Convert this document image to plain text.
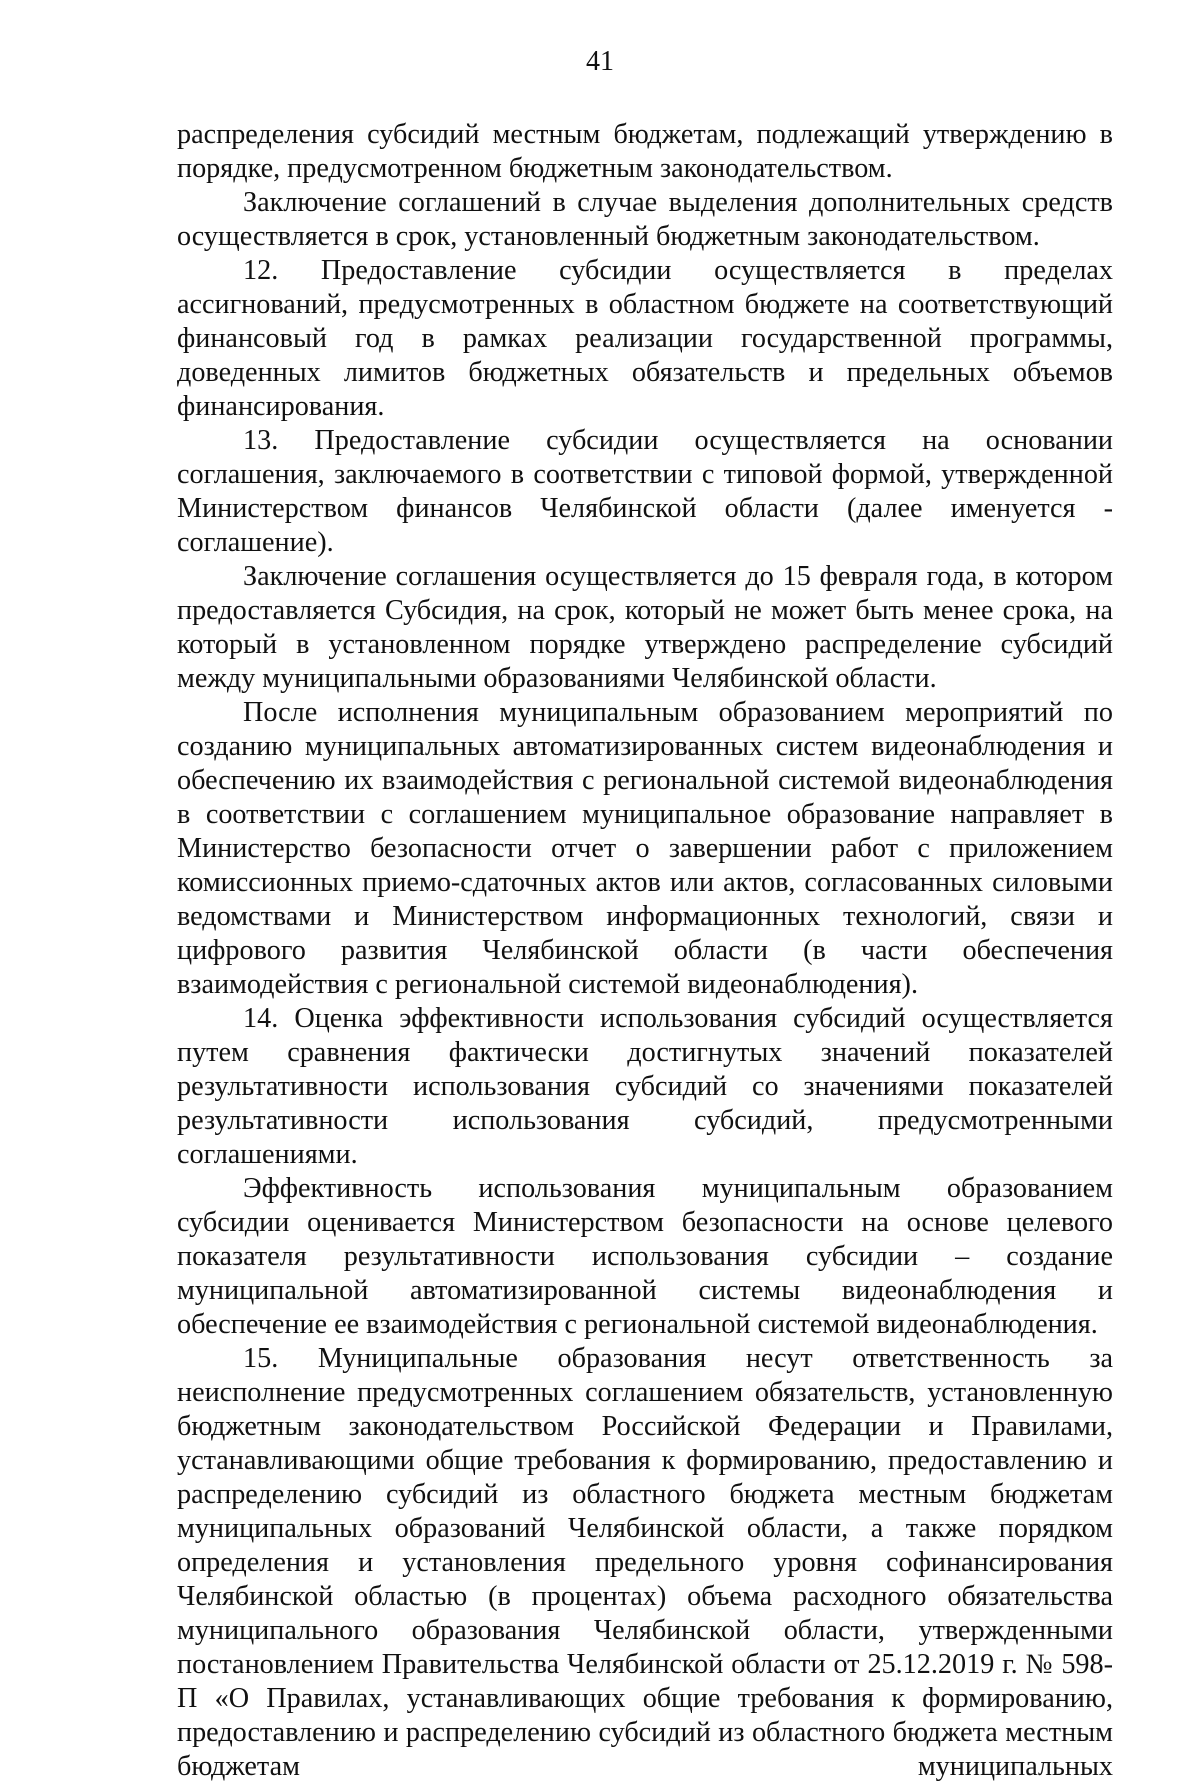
41

распределения субсидий местным бюджетам, подлежащий утверждению в порядке, предусмотренном бюджетным законодательством.

Заключение соглашений в случае выделения дополнительных средств осуществляется в срок, установленный бюджетным законодательством.

12. Предоставление субсидии осуществляется в пределах ассигнований, предусмотренных в областном бюджете на соответствующий финансовый год в рамках реализации государственной программы, доведенных лимитов бюджетных обязательств и предельных объемов финансирования.

13. Предоставление субсидии осуществляется на основании соглашения, заключаемого в соответствии с типовой формой, утвержденной Министерством финансов Челябинской области (далее именуется - соглашение).

Заключение соглашения осуществляется до 15 февраля года, в котором предоставляется Субсидия, на срок, который не может быть менее срока, на который в установленном порядке утверждено распределение субсидий между муниципальными образованиями Челябинской области.

После исполнения муниципальным образованием мероприятий по созданию муниципальных автоматизированных систем видеонаблюдения и обеспечению их взаимодействия с региональной системой видеонаблюдения в соответствии с соглашением муниципальное образование направляет в Министерство безопасности отчет о завершении работ с приложением комиссионных приемо-сдаточных актов или актов, согласованных силовыми ведомствами и Министерством информационных технологий, связи и цифрового развития Челябинской области (в части обеспечения взаимодействия с региональной системой видеонаблюдения).

14. Оценка эффективности использования субсидий осуществляется путем сравнения фактически достигнутых значений показателей результативности использования субсидий со значениями показателей результативности использования субсидий, предусмотренными соглашениями.

Эффективность использования муниципальным образованием субсидии оценивается Министерством безопасности на основе целевого показателя результативности использования субсидии – создание муниципальной автоматизированной системы видеонаблюдения и обеспечение ее взаимодействия с региональной системой видеонаблюдения.

15. Муниципальные образования несут ответственность за неисполнение предусмотренных соглашением обязательств, установленную бюджетным законодательством Российской Федерации и Правилами, устанавливающими общие требования к формированию, предоставлению и распределению субсидий из областного бюджета местным бюджетам муниципальных образований Челябинской области, а также порядком определения и установления предельного уровня софинансирования Челябинской областью (в процентах) объема расходного обязательства муниципального образования Челябинской области, утвержденными постановлением Правительства Челябинской области от 25.12.2019 г. № 598-П «О Правилах, устанавливающих общие требования к формированию, предоставлению и распределению субсидий из областного бюджета местным бюджетам муниципальных
